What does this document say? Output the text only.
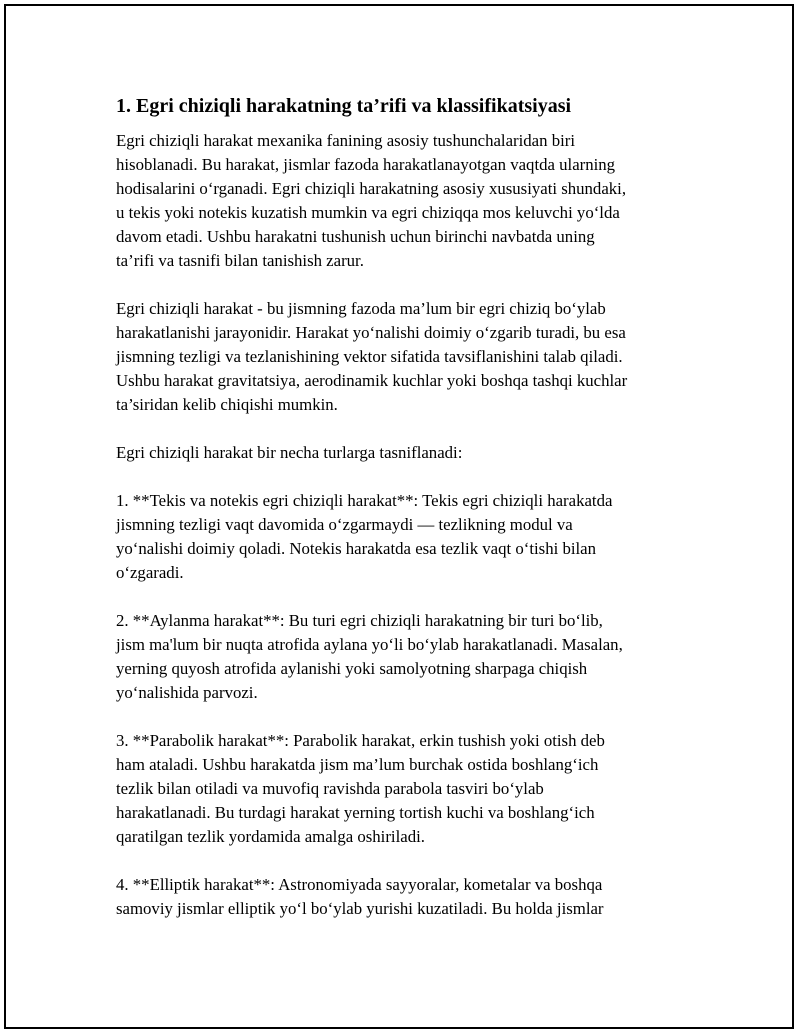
1. Egri chiziqli harakatning ta’rifi va klassifikatsiyasi

Egri chiziqli harakat mexanika fanining asosiy tushunchalaridan biri
hisoblanadi. Bu harakat, jismlar fazoda harakatlanayotgan vaqtda ularning
hodisalarini o‘rganadi. Egri chiziqli harakatning asosiy xususiyati shundaki,
u tekis yoki notekis kuzatish mumkin va egri chiziqqa mos keluvchi yo‘lda
davom etadi. Ushbu harakatni tushunish uchun birinchi navbatda uning
ta’rifi va tasnifi bilan tanishish zarur.

Egri chiziqli harakat - bu jismning fazoda ma’lum bir egri chiziq bo‘ylab
harakatlanishi jarayonidir. Harakat yo‘nalishi doimiy o‘zgarib turadi, bu esa
jismning tezligi va tezlanishining vektor sifatida tavsiflanishini talab qiladi.
Ushbu harakat gravitatsiya, aerodinamik kuchlar yoki boshqa tashqi kuchlar
ta’siridan kelib chiqishi mumkin.

Egri chiziqli harakat bir necha turlarga tasniflanadi:

1. **Tekis va notekis egri chiziqli harakat**: Tekis egri chiziqli harakatda
jismning tezligi vaqt davomida o‘zgarmaydi — tezlikning modul va
yo‘nalishi doimiy qoladi. Notekis harakatda esa tezlik vaqt o‘tishi bilan
o‘zgaradi.

2. **Aylanma harakat**: Bu turi egri chiziqli harakatning bir turi bo‘lib,
jism ma'lum bir nuqta atrofida aylana yo‘li bo‘ylab harakatlanadi. Masalan,
yerning quyosh atrofida aylanishi yoki samolyotning sharpaga chiqish
yo‘nalishida parvozi.

3. **Parabolik harakat**: Parabolik harakat, erkin tushish yoki otish deb
ham ataladi. Ushbu harakatda jism ma’lum burchak ostida boshlang‘ich
tezlik bilan otiladi va muvofiq ravishda parabola tasviri bo‘ylab
harakatlanadi. Bu turdagi harakat yerning tortish kuchi va boshlang‘ich
qaratilgan tezlik yordamida amalga oshiriladi.

4. **Elliptik harakat**: Astronomiyada sayyoralar, kometalar va boshqa
samoviy jismlar elliptik yo‘l bo‘ylab yurishi kuzatiladi. Bu holda jismlar
